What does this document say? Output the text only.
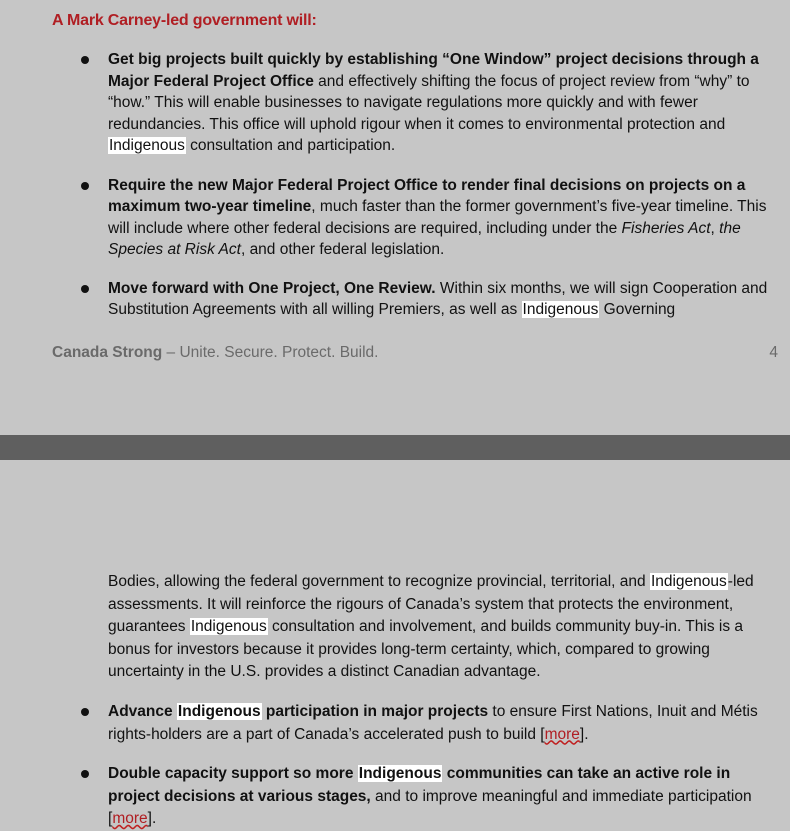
A Mark Carney-led government will:
Get big projects built quickly by establishing “One Window” project decisions through a Major Federal Project Office and effectively shifting the focus of project review from “why” to “how.” This will enable businesses to navigate regulations more quickly and with fewer redundancies. This office will uphold rigour when it comes to environmental protection and Indigenous consultation and participation.
Require the new Major Federal Project Office to render final decisions on projects on a maximum two-year timeline, much faster than the former government’s five-year timeline. This will include where other federal decisions are required, including under the Fisheries Act, the Species at Risk Act, and other federal legislation.
Move forward with One Project, One Review. Within six months, we will sign Cooperation and Substitution Agreements with all willing Premiers, as well as Indigenous Governing
Canada Strong – Unite. Secure. Protect. Build.	4
Bodies, allowing the federal government to recognize provincial, territorial, and Indigenous-led assessments. It will reinforce the rigours of Canada’s system that protects the environment, guarantees Indigenous consultation and involvement, and builds community buy-in. This is a bonus for investors because it provides long-term certainty, which, compared to growing uncertainty in the U.S. provides a distinct Canadian advantage.
Advance Indigenous participation in major projects to ensure First Nations, Inuit and Métis rights-holders are a part of Canada’s accelerated push to build [more].
Double capacity support so more Indigenous communities can take an active role in project decisions at various stages, and to improve meaningful and immediate participation [more].
